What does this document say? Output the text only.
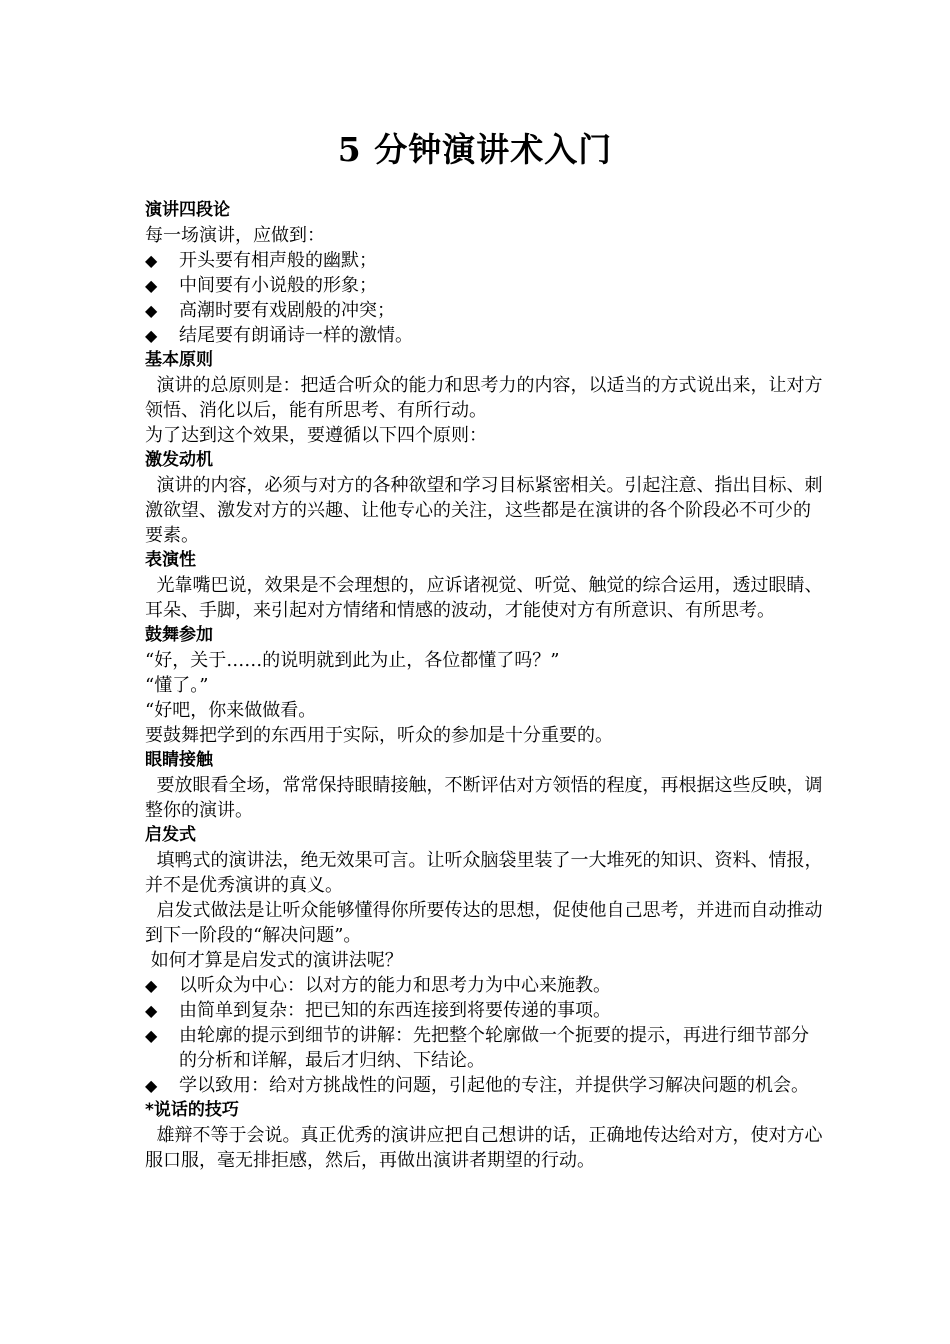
5 分钟演讲术入门
演讲四段论
每一场演讲，应做到：
◆	开头要有相声般的幽默；
◆	中间要有小说般的形象；
◆	高潮时要有戏剧般的冲突；
◆	结尾要有朗诵诗一样的激情。
基本原则
演讲的总原则是：把适合听众的能力和思考力的内容，以适当的方式说出来，让对方领悟、消化以后，能有所思考、有所行动。
为了达到这个效果，要遵循以下四个原则：
激发动机
演讲的内容，必须与对方的各种欲望和学习目标紧密相关。引起注意、指出目标、刺激欲望、激发对方的兴趣、让他专心的关注，这些都是在演讲的各个阶段必不可少的要素。
表演性
光靠嘴巴说，效果是不会理想的，应诉诸视觉、听觉、触觉的综合运用，透过眼睛、耳朵、手脚，来引起对方情绪和情感的波动，才能使对方有所意识、有所思考。
鼓舞参加
“好，关于……的说明就到此为止，各位都懂了吗？”
“懂了。”
“好吧，你来做做看。
要鼓舞把学到的东西用于实际，听众的参加是十分重要的。
眼睛接触
要放眼看全场，常常保持眼睛接触，不断评估对方领悟的程度，再根据这些反映，调整你的演讲。
启发式
填鸭式的演讲法，绝无效果可言。让听众脑袋里装了一大堆死的知识、资料、情报，并不是优秀演讲的真义。
启发式做法是让听众能够懂得你所要传达的思想，促使他自己思考，并进而自动推动到下一阶段的“解决问题”。
如何才算是启发式的演讲法呢？
◆	以听众为中心：以对方的能力和思考力为中心来施教。
◆	由简单到复杂：把已知的东西连接到将要传递的事项。
◆	由轮廓的提示到细节的讲解：先把整个轮廓做一个扼要的提示，再进行细节部分的分析和详解，最后才归纳、下结论。
◆	学以致用：给对方挑战性的问题，引起他的专注，并提供学习解决问题的机会。
*说话的技巧
雄辩不等于会说。真正优秀的演讲应把自己想讲的话，正确地传达给对方，使对方心服口服，毫无排拒感，然后，再做出演讲者期望的行动。
